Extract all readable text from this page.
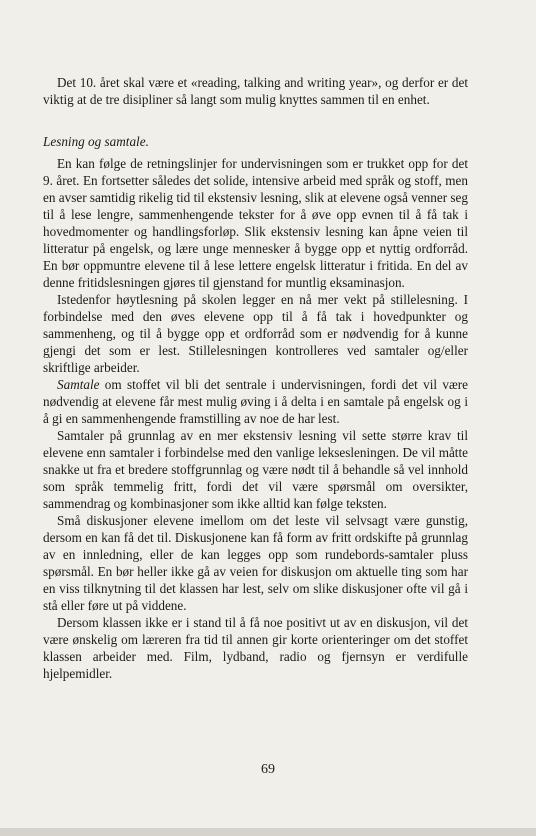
Det 10. året skal være et «reading, talking and writing year», og derfor er det viktig at de tre disipliner så langt som mulig knyttes sammen til en enhet.

Lesning og samtale.

En kan følge de retningslinjer for undervisningen som er trukket opp for det 9. året. En fortsetter således det solide, intensive arbeid med språk og stoff, men en avser samtidig rikelig tid til ekstensiv lesning, slik at elevene også venner seg til å lese lengre, sammenhengende tekster for å øve opp evnen til å få tak i hovedmomenter og handlingsforløp. Slik ekstensiv lesning kan åpne veien til litteratur på engelsk, og lære unge mennesker å bygge opp et nyttig ordforråd. En bør oppmuntre elevene til å lese lettere engelsk litteratur i fritida. En del av denne fritidslesningen gjøres til gjenstand for muntlig eksaminasjon.

Istedenfor høytlesning på skolen legger en nå mer vekt på stillelesning. I forbindelse med den øves elevene opp til å få tak i hovedpunkter og sammenheng, og til å bygge opp et ordforråd som er nødvendig for å kunne gjengi det som er lest. Stillelesningen kontrolleres ved samtaler og/eller skriftlige arbeider.

Samtale om stoffet vil bli det sentrale i undervisningen, fordi det vil være nødvendig at elevene får mest mulig øving i å delta i en samtale på engelsk og i å gi en sammenhengende framstilling av noe de har lest.

Samtaler på grunnlag av en mer ekstensiv lesning vil sette større krav til elevene enn samtaler i forbindelse med den vanlige leksesleningen. De vil måtte snakke ut fra et bredere stoffgrunnlag og være nødt til å behandle så vel innhold som språk temmelig fritt, fordi det vil være spørsmål om oversikter, sammendrag og kombinasjoner som ikke alltid kan følge teksten.

Små diskusjoner elevene imellom om det leste vil selvsagt være gunstig, dersom en kan få det til. Diskusjonene kan få form av fritt ordskifte på grunnlag av en innledning, eller de kan legges opp som rundebords-samtaler pluss spørsmål. En bør heller ikke gå av veien for diskusjon om aktuelle ting som har en viss tilknytning til det klassen har lest, selv om slike diskusjoner ofte vil gå i stå eller føre ut på viddene.

Dersom klassen ikke er i stand til å få noe positivt ut av en diskusjon, vil det være ønskelig om læreren fra tid til annen gir korte orienteringer om det stoffet klassen arbeider med. Film, lydband, radio og fjernsyn er verdifulle hjelpemidler.

69
